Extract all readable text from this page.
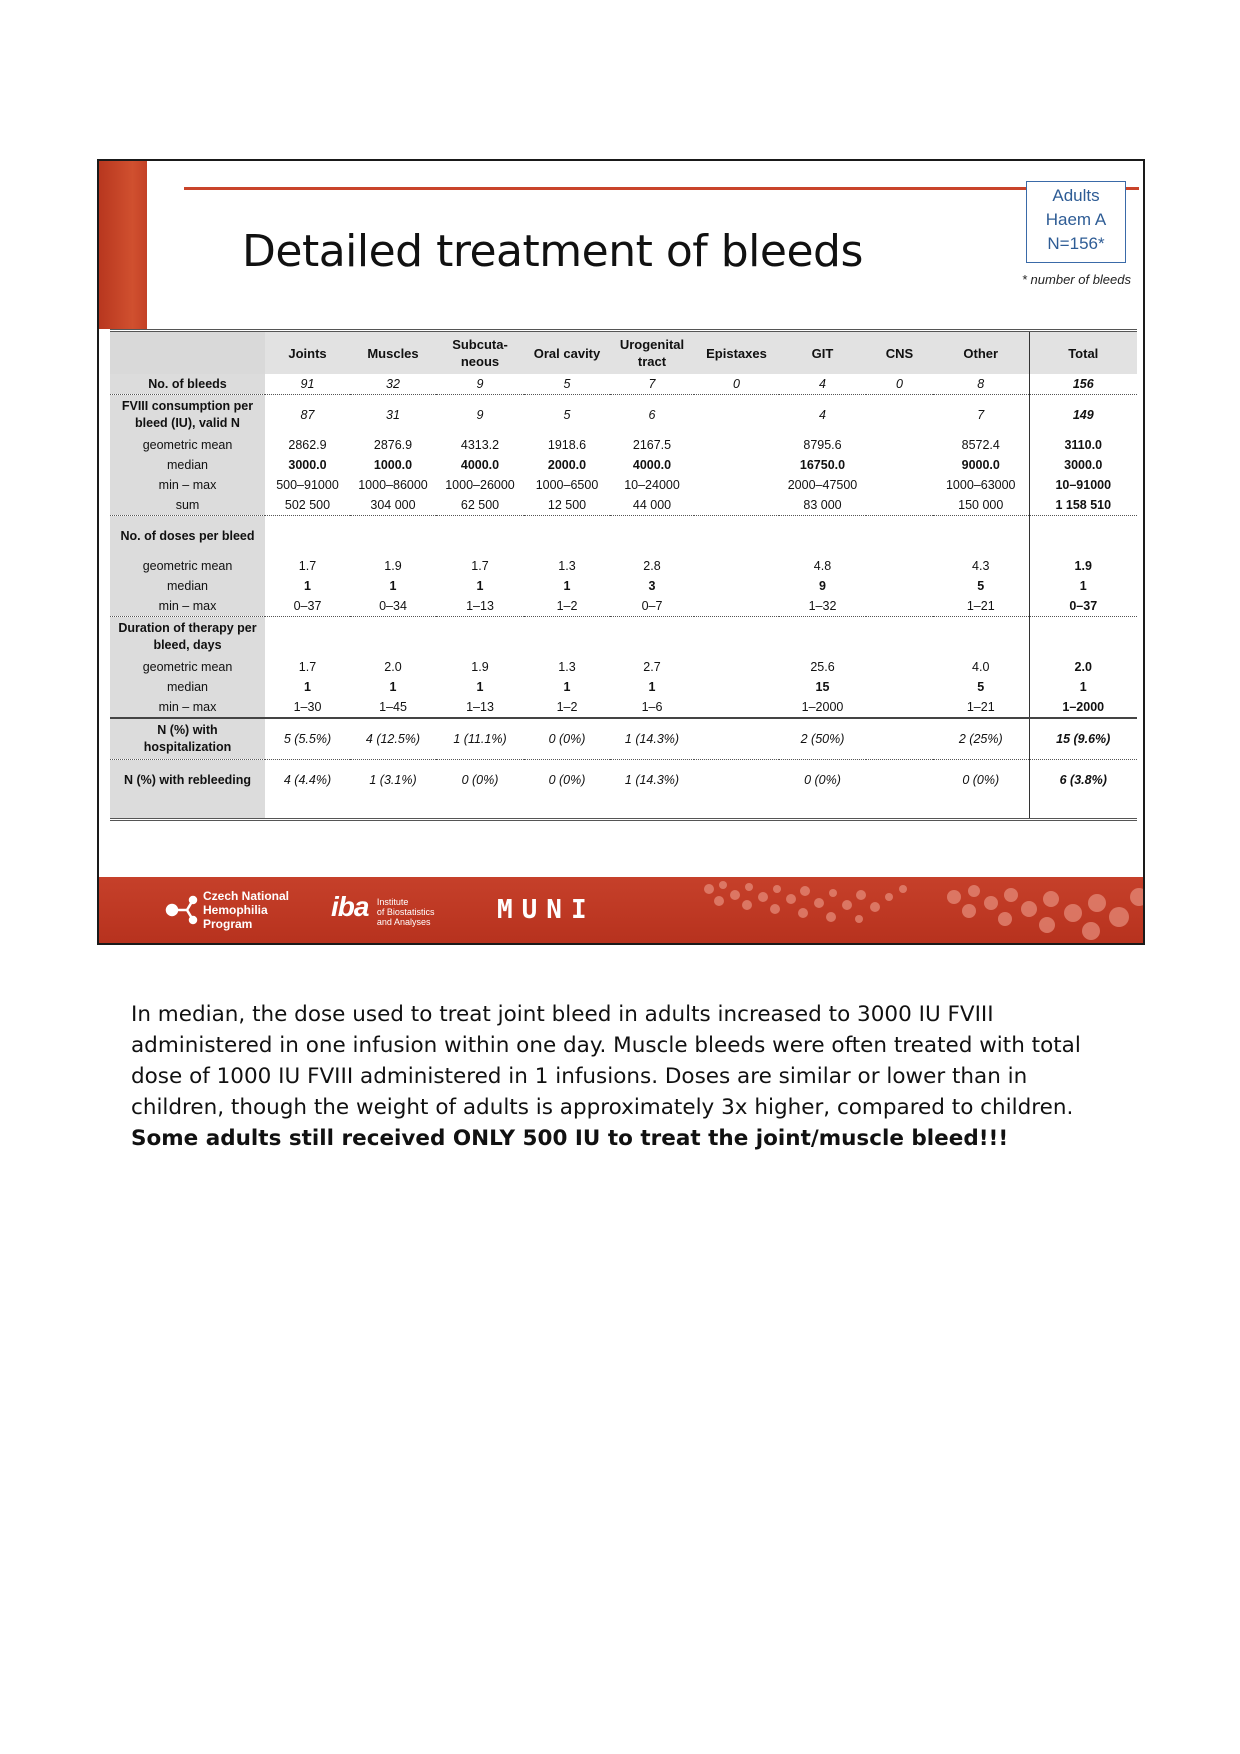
Detailed treatment of bleeds
Adults
Haem A
N=156*
* number of bleeds
	Joints	Muscles	Subcuta-
neous	Oral cavity	Urogenital
tract	Epistaxes	GIT	CNS	Other	Total
No. of bleeds	91	32	9	5	7	0	4	0	8	156
FVIII consumption per bleed (IU), valid N	87	31	9	5	6		4		7	149
geometric mean	2862.9	2876.9	4313.2	1918.6	2167.5		8795.6		8572.4	3110.0
median	3000.0	1000.0	4000.0	2000.0	4000.0		16750.0		9000.0	3000.0
min – max	500–91000	1000–86000	1000–26000	1000–6500	10–24000		2000–47500		1000–63000	10–91000
sum	502 500	304 000	62 500	12 500	44 000		83 000		150 000	1 158 510
No. of doses per bleed										
geometric mean	1.7	1.9	1.7	1.3	2.8		4.8		4.3	1.9
median	1	1	1	1	3		9		5	1
min – max	0–37	0–34	1–13	1–2	0–7		1–32		1–21	0–37
Duration of therapy per bleed, days										
geometric mean	1.7	2.0	1.9	1.3	2.7		25.6		4.0	2.0
median	1	1	1	1	1		15		5	1
min – max	1–30	1–45	1–13	1–2	1–6		1–2000		1–21	1–2000
N (%) with hospitalization	5 (5.5%)	4 (12.5%)	1 (11.1%)	0 (0%)	1 (14.3%)		2 (50%)		2 (25%)	15 (9.6%)
N (%) with rebleeding	4 (4.4%)	1 (3.1%)	0 (0%)	0 (0%)	1 (14.3%)		0 (0%)		0 (0%)	6 (3.8%)

Czech National
Hemophilia
Program
iba Institute
of Biostatistics
and Analyses	MUNI

In median, the dose used to treat joint bleed in adults increased to 3000 IU FVIII administered in one infusion within one day. Muscle bleeds were often treated with total dose of 1000 IU FVIII administered in 1 infusions. Doses are similar or lower than in children, though the weight of adults is approximately 3x higher, compared to children.

Some adults still received ONLY 500 IU to treat the joint/muscle bleed!!!
